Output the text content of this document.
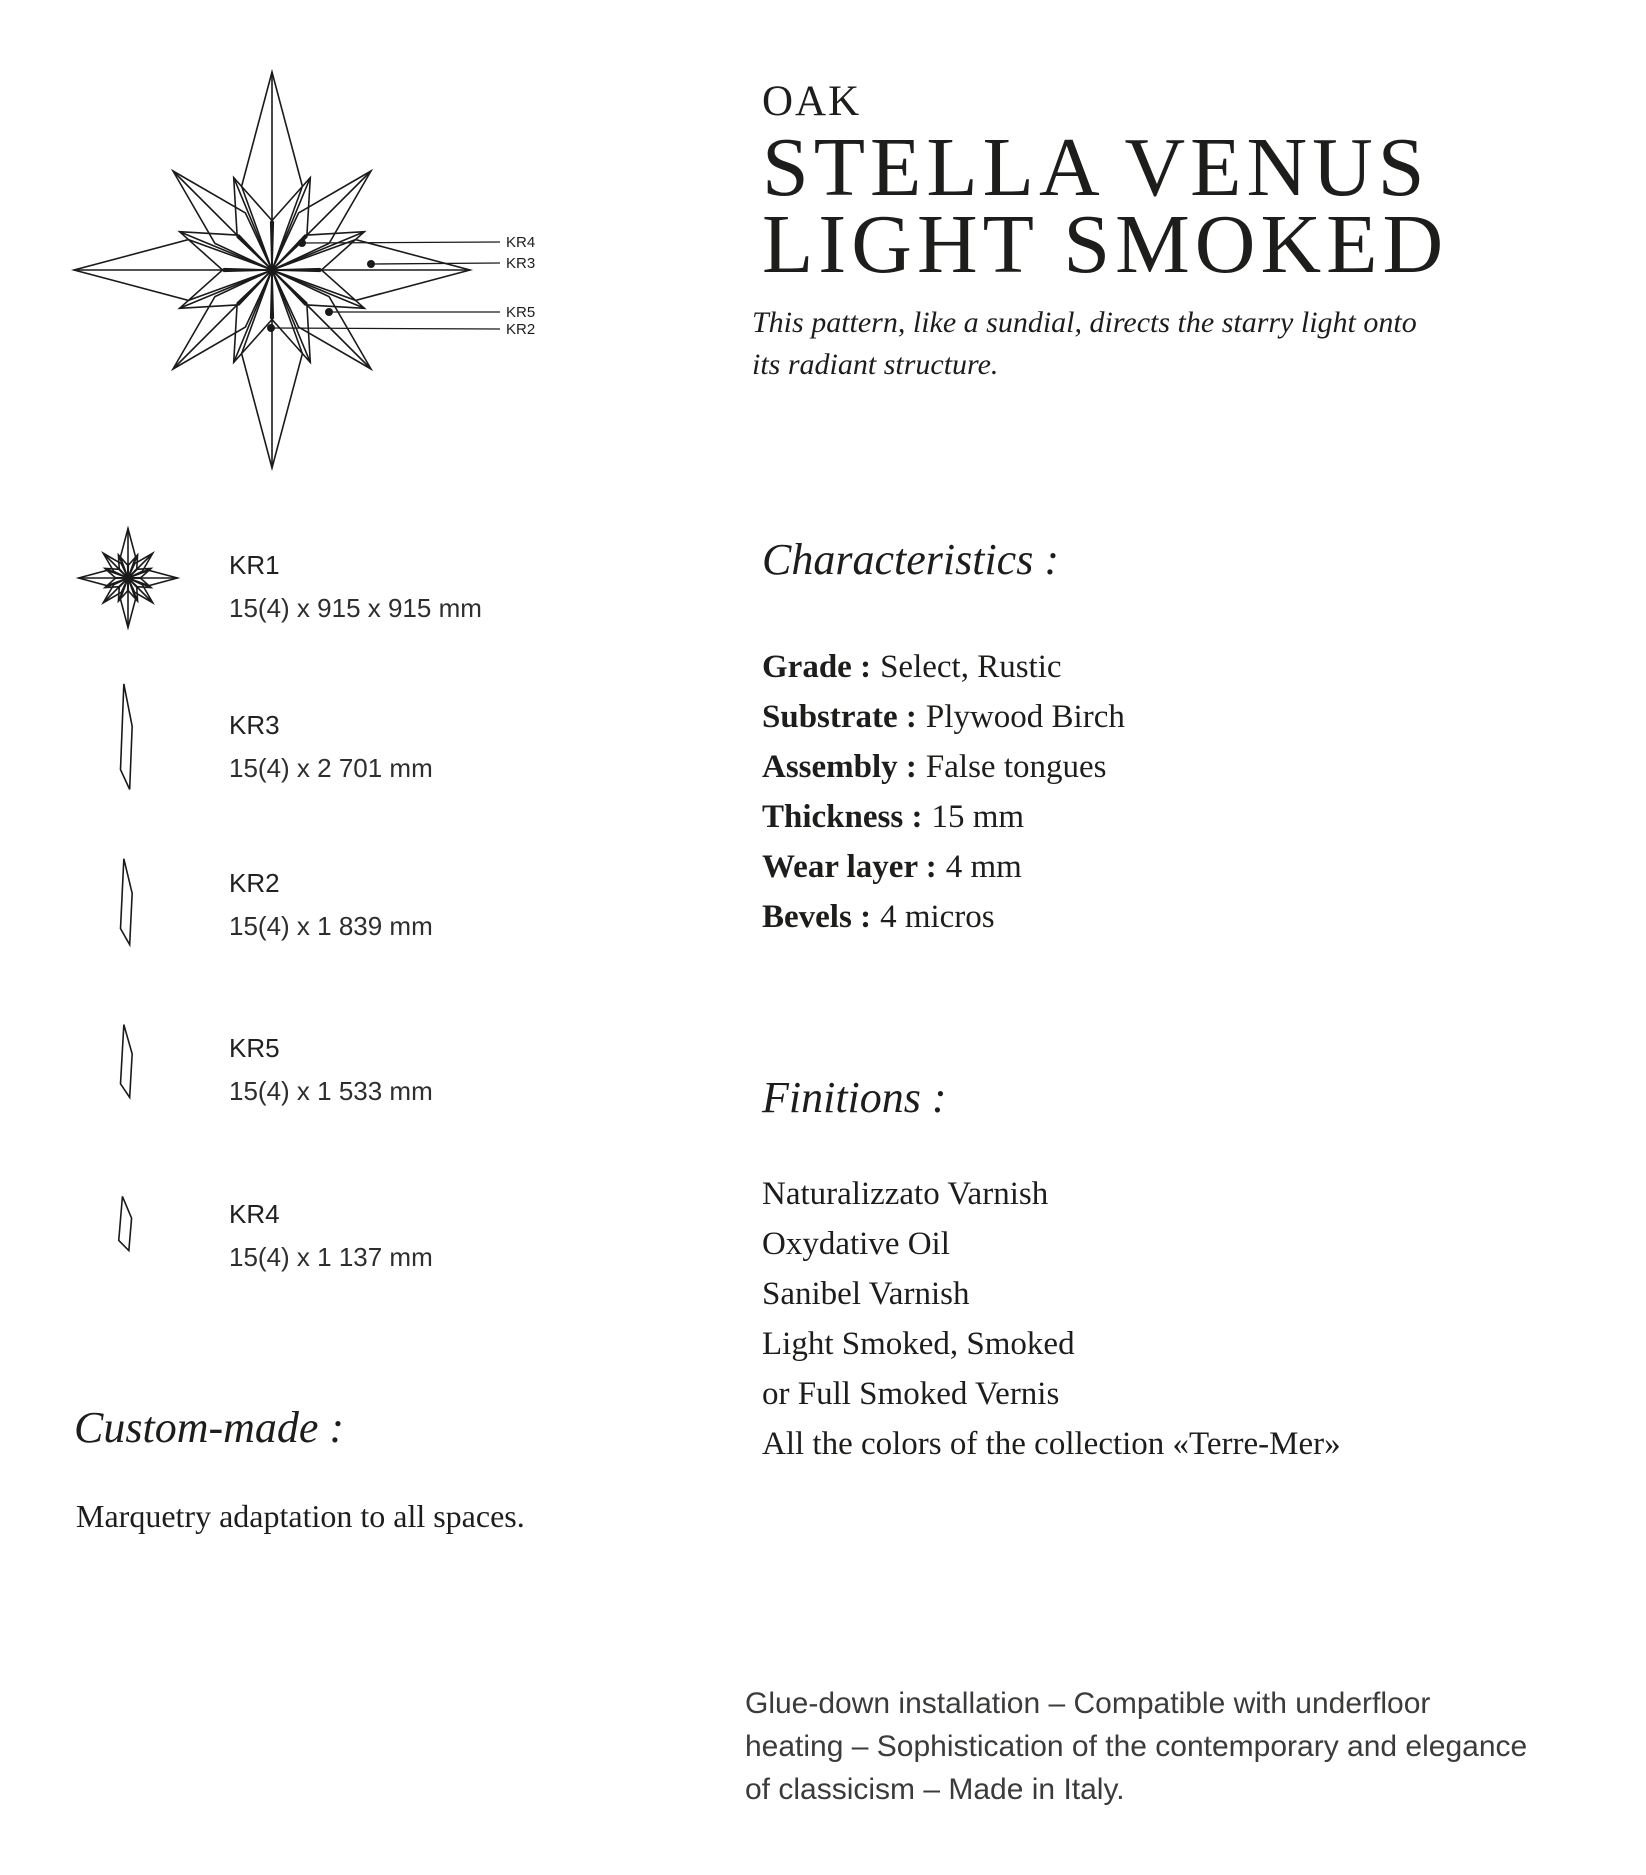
KR4
KR3
KR5
KR2
OAK
STELLA VENUS
LIGHT SMOKED
This pattern, like a sundial, directs the starry light onto
its radiant structure.
KR1
15(4) x 915 x 915 mm
KR3
15(4) x 2 701 mm
KR2
15(4) x 1 839 mm
KR5
15(4) x 1 533 mm
KR4
15(4) x 1 137 mm
Characteristics :
Grade : Select, Rustic
Substrate : Plywood Birch
Assembly : False tongues
Thickness : 15 mm
Wear layer : 4 mm
Bevels : 4 micros
Finitions :
Naturalizzato Varnish
Oxydative Oil
Sanibel Varnish
Light Smoked, Smoked
or Full Smoked Vernis
All the colors of the collection «Terre-Mer»
Custom-made :
Marquetry adaptation to all spaces.
Glue-down installation – Compatible with underfloor
heating – Sophistication of the contemporary and elegance
of classicism – Made in Italy.
